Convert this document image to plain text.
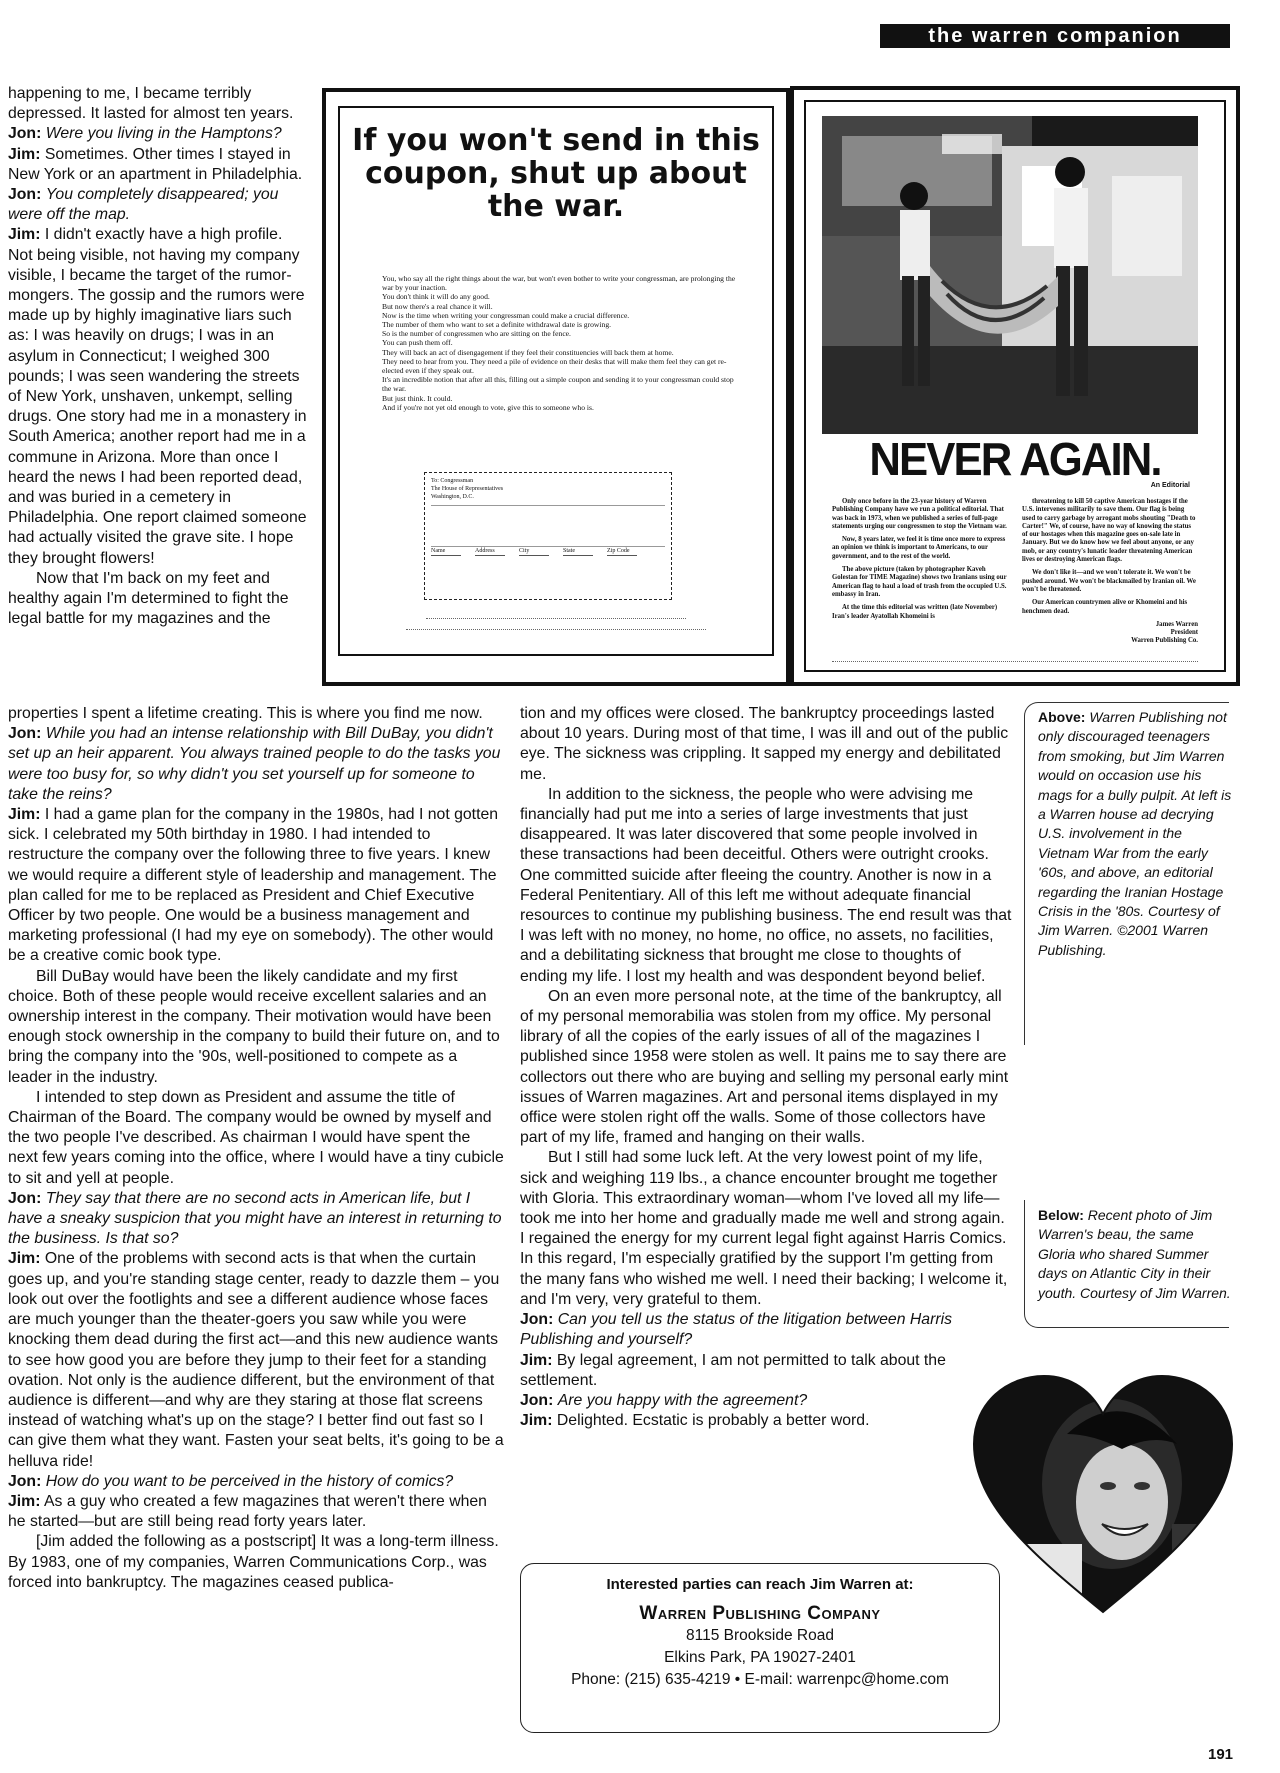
the warren companion

happening to me, I became terribly depressed. It lasted for almost ten years.

Jon: Were you living in the Hamptons?

Jim: Sometimes. Other times I stayed in New York or an apartment in Philadelphia.

Jon: You completely disappeared; you were off the map.

Jim: I didn't exactly have a high profile. Not being visible, not having my company visible, I became the target of the rumor-mongers. The gossip and the rumors were made up by highly imaginative liars such as: I was heavily on drugs; I was in an asylum in Connecticut; I weighed 300 pounds; I was seen wandering the streets of New York, unshaven, unkempt, selling drugs. One story had me in a monastery in South America; another report had me in a commune in Arizona. More than once I heard the news I had been reported dead, and was buried in a cemetery in Philadelphia. One report claimed someone had actually visited the grave site. I hope they brought flowers!

Now that I'm back on my feet and healthy again I'm determined to fight the legal battle for my magazines and the

properties I spent a lifetime creating. This is where you find me now.

Jon: While you had an intense relationship with Bill DuBay, you didn't set up an heir apparent. You always trained people to do the tasks you were too busy for, so why didn't you set yourself up for someone to take the reins?

Jim: I had a game plan for the company in the 1980s, had I not gotten sick. I celebrated my 50th birthday in 1980. I had intended to restructure the company over the following three to five years. I knew we would require a different style of leadership and management. The plan called for me to be replaced as President and Chief Executive Officer by two people. One would be a business management and marketing professional (I had my eye on somebody). The other would be a creative comic book type.

Bill DuBay would have been the likely candidate and my first choice. Both of these people would receive excellent salaries and an ownership interest in the company. Their motivation would have been enough stock ownership in the company to build their future on, and to bring the company into the '90s, well-positioned to compete as a leader in the industry.

I intended to step down as President and assume the title of Chairman of the Board. The company would be owned by myself and the two people I've described. As chairman I would have spent the next few years coming into the office, where I would have a tiny cubicle to sit and yell at people.

Jon: They say that there are no second acts in American life, but I have a sneaky suspicion that you might have an interest in returning to the business. Is that so?

Jim: One of the problems with second acts is that when the curtain goes up, and you're standing stage center, ready to dazzle them – you look out over the footlights and see a different audience whose faces are much younger than the theater-goers you saw while you were knocking them dead during the first act—and this new audience wants to see how good you are before they jump to their feet for a standing ovation. Not only is the audience different, but the environment of that audience is different—and why are they staring at those flat screens instead of watching what's up on the stage? I better find out fast so I can give them what they want. Fasten your seat belts, it's going to be a helluva ride!

Jon: How do you want to be perceived in the history of comics?

Jim: As a guy who created a few magazines that weren't there when he started—but are still being read forty years later.

[Jim added the following as a postscript] It was a long-term illness. By 1983, one of my companies, Warren Communications Corp., was forced into bankruptcy. The magazines ceased publica-

tion and my offices were closed. The bankruptcy proceedings lasted about 10 years. During most of that time, I was ill and out of the public eye. The sickness was crippling. It sapped my energy and debilitated me.

In addition to the sickness, the people who were advising me financially had put me into a series of large investments that just disappeared. It was later discovered that some people involved in these transactions had been deceitful. Others were outright crooks. One committed suicide after fleeing the country. Another is now in a Federal Penitentiary. All of this left me without adequate financial resources to continue my publishing business. The end result was that I was left with no money, no home, no office, no assets, no facilities, and a debilitating sickness that brought me close to thoughts of ending my life. I lost my health and was despondent beyond belief.

On an even more personal note, at the time of the bankruptcy, all of my personal memorabilia was stolen from my office. My personal library of all the copies of the early issues of all of the magazines I published since 1958 were stolen as well. It pains me to say there are collectors out there who are buying and selling my personal early mint issues of Warren magazines. Art and personal items displayed in my office were stolen right off the walls. Some of those collectors have part of my life, framed and hanging on their walls.

But I still had some luck left. At the very lowest point of my life, sick and weighing 119 lbs., a chance encounter brought me together with Gloria. This extraordinary woman—whom I've loved all my life—took me into her home and gradually made me well and strong again. I regained the energy for my current legal fight against Harris Comics. In this regard, I'm especially gratified by the support I'm getting from the many fans who wished me well. I need their backing; I welcome it, and I'm very, very grateful to them.

Jon: Can you tell us the status of the litigation between Harris Publishing and yourself?

Jim: By legal agreement, I am not permitted to talk about the settlement.

Jon: Are you happy with the agreement?

Jim: Delighted. Ecstatic is probably a better word.

If you won't send in this coupon, shut up about the war.
You, who say all the right things about the war, but won't even bother to write your congressman, are prolonging the war by your inaction.
You don't think it will do any good.
But now there's a real chance it will.
Now is the time when writing your congressman could make a crucial difference.
The number of them who want to set a definite withdrawal date is growing.
So is the number of congressmen who are sitting on the fence.
You can push them off.
They will back an act of disengagement if they feel their constituencies will back them at home.
They need to hear from you. They need a pile of evidence on their desks that will make them feel they can get re-elected even if they speak out.
It's an incredible notion that after all this, filling out a simple coupon and sending it to your congressman could stop the war.
But just think. It could.
And if you're not yet old enough to vote, give this to someone who is.
To: Congressman
The House of Representatives
Washington, D.C.
Name	Address	City	State	Zip Code
NEVER AGAIN.
An Editorial

Only once before in the 23-year history of Warren Publishing Company have we run a political editorial. That was back in 1973, when we published a series of full-page statements urging our congressmen to stop the Vietnam war.

Now, 8 years later, we feel it is time once more to express an opinion we think is important to Americans, to our government, and to the rest of the world.

The above picture (taken by photographer Kaveh Golestan for TIME Magazine) shows two Iranians using our American flag to haul a load of trash from the occupied U.S. embassy in Iran.

At the time this editorial was written (late November) Iran's leader Ayatollah Khomeini is

threatening to kill 50 captive American hostages if the U.S. intervenes militarily to save them. Our flag is being used to carry garbage by arrogant mobs shouting "Death to Carter!" We, of course, have no way of knowing the status of our hostages when this magazine goes on-sale late in January. But we do know how we feel about anyone, or any mob, or any country's lunatic leader threatening American lives or destroying American flags.

We don't like it—and we won't tolerate it. We won't be pushed around. We won't be blackmailed by Iranian oil. We won't be threatened.

Our American countrymen alive or Khomeini and his henchmen dead.

James Warren

President

Warren Publishing Co.

Above: Warren Publishing not only discouraged teenagers from smoking, but Jim Warren would on occasion use his mags for a bully pulpit. At left is a Warren house ad decrying U.S. involvement in the Vietnam War from the early '60s, and above, an editorial regarding the Iranian Hostage Crisis in the '80s. Courtesy of Jim Warren. ©2001 Warren Publishing.
Below: Recent photo of Jim Warren's beau, the same Gloria who shared Summer days on Atlantic City in their youth. Courtesy of Jim Warren.
Interested parties can reach Jim Warren at:
Warren Publishing Company
8115 Brookside Road
Elkins Park, PA 19027-2401
Phone: (215) 635-4219 • E-mail: warrenpc@home.com
191
